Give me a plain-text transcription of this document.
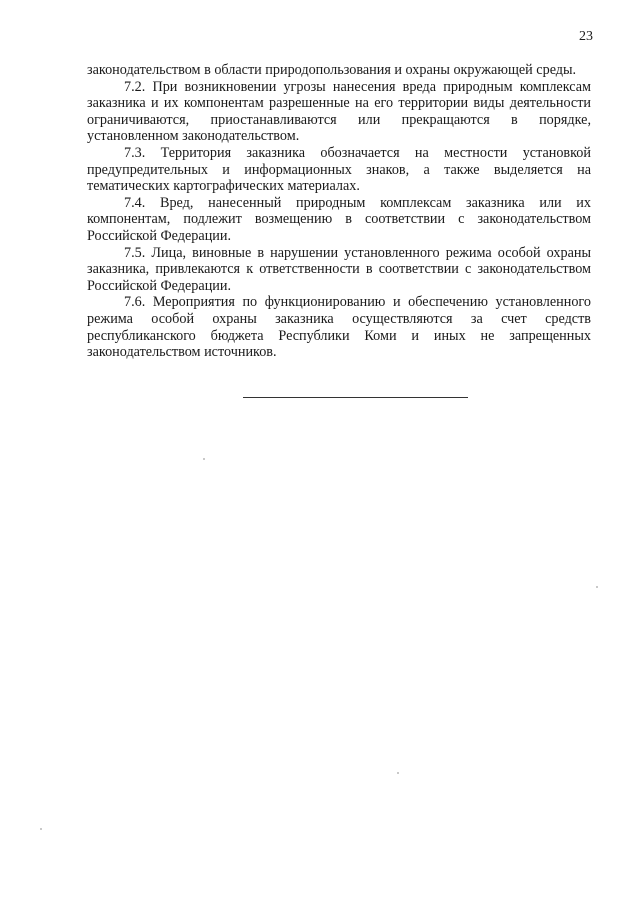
23

законодательством в области природопользования и охраны окружающей среды.

7.2. При возникновении угрозы нанесения вреда природным комплексам заказника и их компонентам разрешенные на его территории виды деятельности ограничиваются, приостанавливаются или прекращаются в порядке, установленном законодательством.

7.3. Территория заказника обозначается на местности установкой предупредительных и информационных знаков, а также выделяется на тематических картографических материалах.

7.4. Вред, нанесенный природным комплексам заказника или их компонентам, подлежит возмещению в соответствии с законодательством Российской Федерации.

7.5. Лица, виновные в нарушении установленного режима особой охраны заказника, привлекаются к ответственности в соответствии с законодательством Российской Федерации.

7.6. Мероприятия по функционированию и обеспечению установленного режима особой охраны заказника осуществляются за счет средств республиканского бюджета Республики Коми и иных не запрещенных законодательством источников.
